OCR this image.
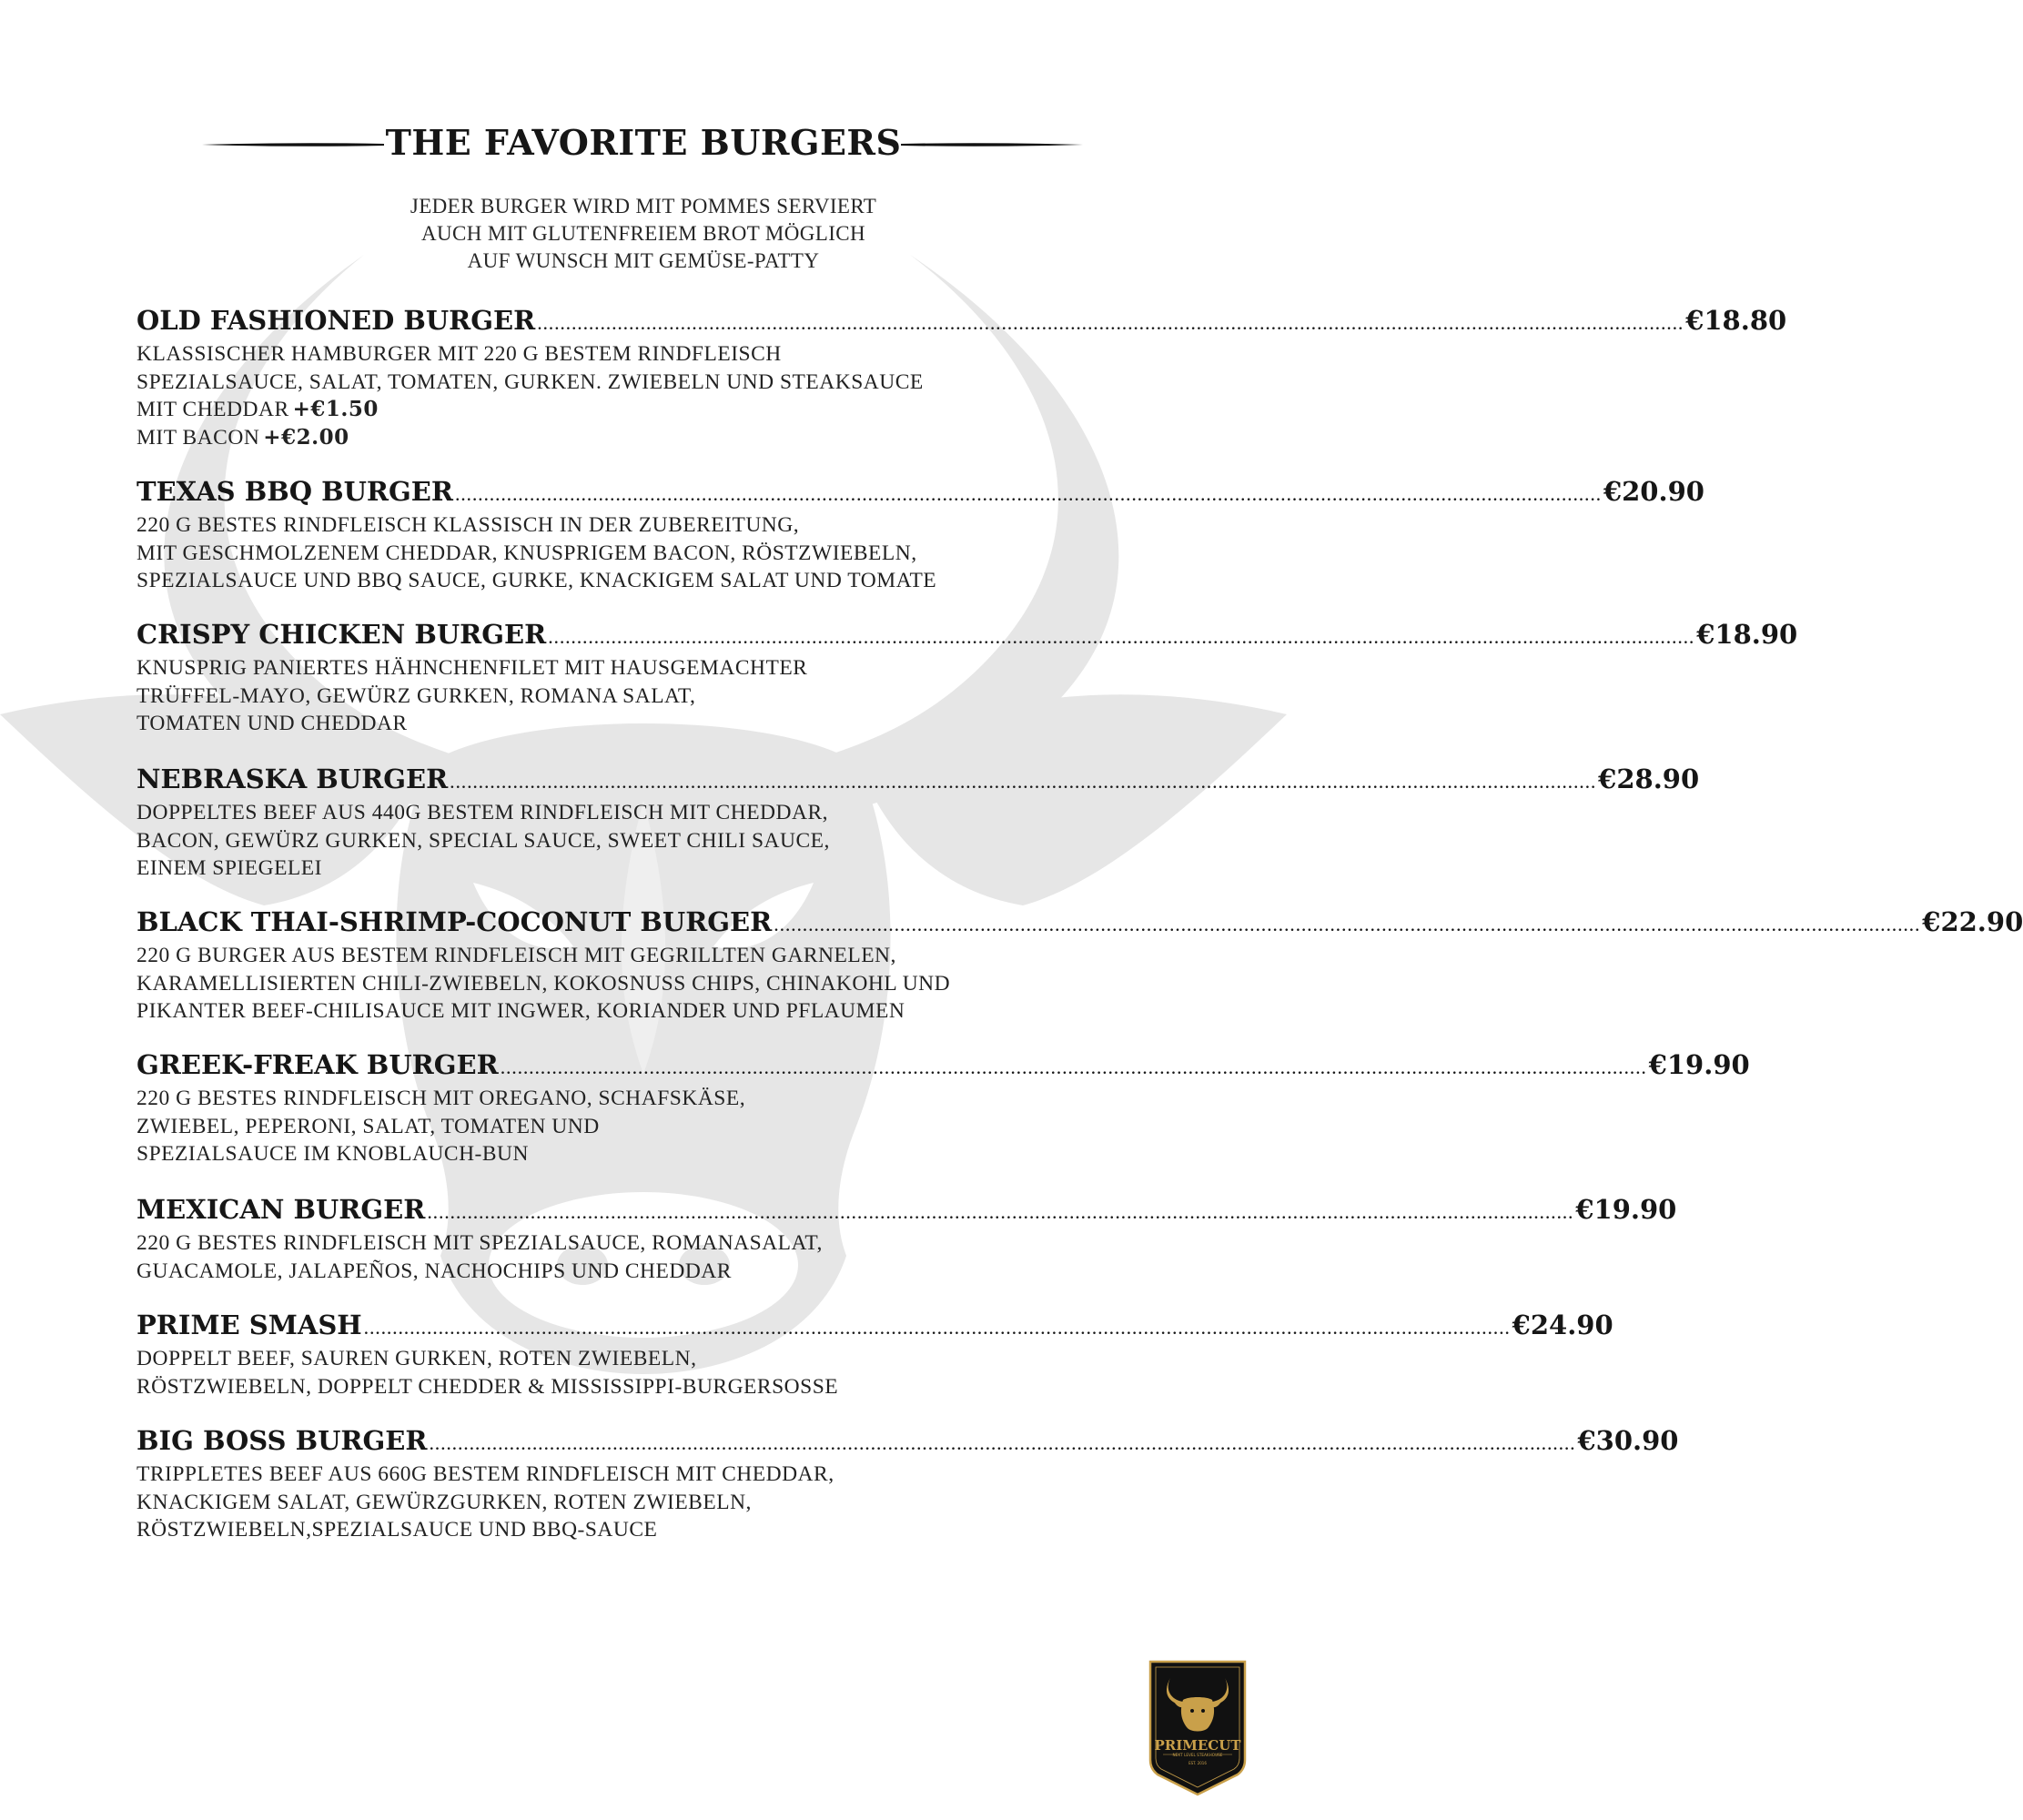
THE FAVORITE BURGERS
JEDER BURGER WIRD MIT POMMES SERVIERT
AUCH MIT GLUTENFREIEM BROT MÖGLICH
AUF WUNSCH MIT GEMÜSE-PATTY
OLD FASHIONED BURGER ........................................................................................................................................................................................................ €18.80
KLASSISCHER HAMBURGER MIT 220 G BESTEM RINDFLEISCH
SPEZIALSAUCE, SALAT, TOMATEN, GURKEN. ZWIEBELN UND STEAKSAUCE
MIT CHEDDAR +€1.50
MIT BACON +€2.00
TEXAS BBQ BURGER ........................................................................................................................................................................................................ €20.90
220 G BESTES RINDFLEISCH KLASSISCH IN DER ZUBEREITUNG,
MIT GESCHMOLZENEM CHEDDAR, KNUSPRIGEM BACON, RÖSTZWIEBELN,
SPEZIALSAUCE UND BBQ SAUCE, GURKE, KNACKIGEM SALAT UND TOMATE
CRISPY CHICKEN BURGER ........................................................................................................................................................................................................ €18.90
KNUSPRIG PANIERTES HÄHNCHENFILET MIT HAUSGEMACHTER
TRÜFFEL-MAYO, GEWÜRZ GURKEN, ROMANA SALAT,
TOMATEN UND CHEDDAR
NEBRASKA BURGER ........................................................................................................................................................................................................ €28.90
DOPPELTES BEEF AUS 440G BESTEM RINDFLEISCH MIT CHEDDAR,
BACON, GEWÜRZ GURKEN, SPECIAL SAUCE, SWEET CHILI SAUCE,
EINEM SPIEGELEI
BLACK THAI-SHRIMP-COCONUT BURGER ........................................................................................................................................................................................................ €22.90
220 G BURGER AUS BESTEM RINDFLEISCH MIT GEGRILLTEN GARNELEN,
KARAMELLISIERTEN CHILI-ZWIEBELN, KOKOSNUSS CHIPS, CHINAKOHL UND
PIKANTER BEEF-CHILISAUCE MIT INGWER, KORIANDER UND PFLAUMEN
GREEK-FREAK BURGER ........................................................................................................................................................................................................ €19.90
220 G BESTES RINDFLEISCH MIT OREGANO, SCHAFSKÄSE,
ZWIEBEL, PEPERONI, SALAT, TOMATEN UND
SPEZIALSAUCE IM KNOBLAUCH-BUN
MEXICAN BURGER ........................................................................................................................................................................................................ €19.90
220 G BESTES RINDFLEISCH MIT SPEZIALSAUCE, ROMANASALAT,
GUACAMOLE, JALAPEÑOS, NACHOCHIPS UND CHEDDAR
PRIME SMASH ........................................................................................................................................................................................................ €24.90
DOPPELT BEEF, SAUREN GURKEN, ROTEN ZWIEBELN,
RÖSTZWIEBELN, DOPPELT CHEDDER & MISSISSIPPI-BURGERSOSSE
BIG BOSS BURGER ........................................................................................................................................................................................................ €30.90
TRIPPLETES BEEF AUS 660G BESTEM RINDFLEISCH MIT CHEDDAR,
KNACKIGEM SALAT, GEWÜRZGURKEN, ROTEN ZWIEBELN,
RÖSTZWIEBELN,SPEZIALSAUCE UND BBQ-SAUCE
PRIMECUT
NEXT LEVEL STEAKHOUSE
EST. 2016
